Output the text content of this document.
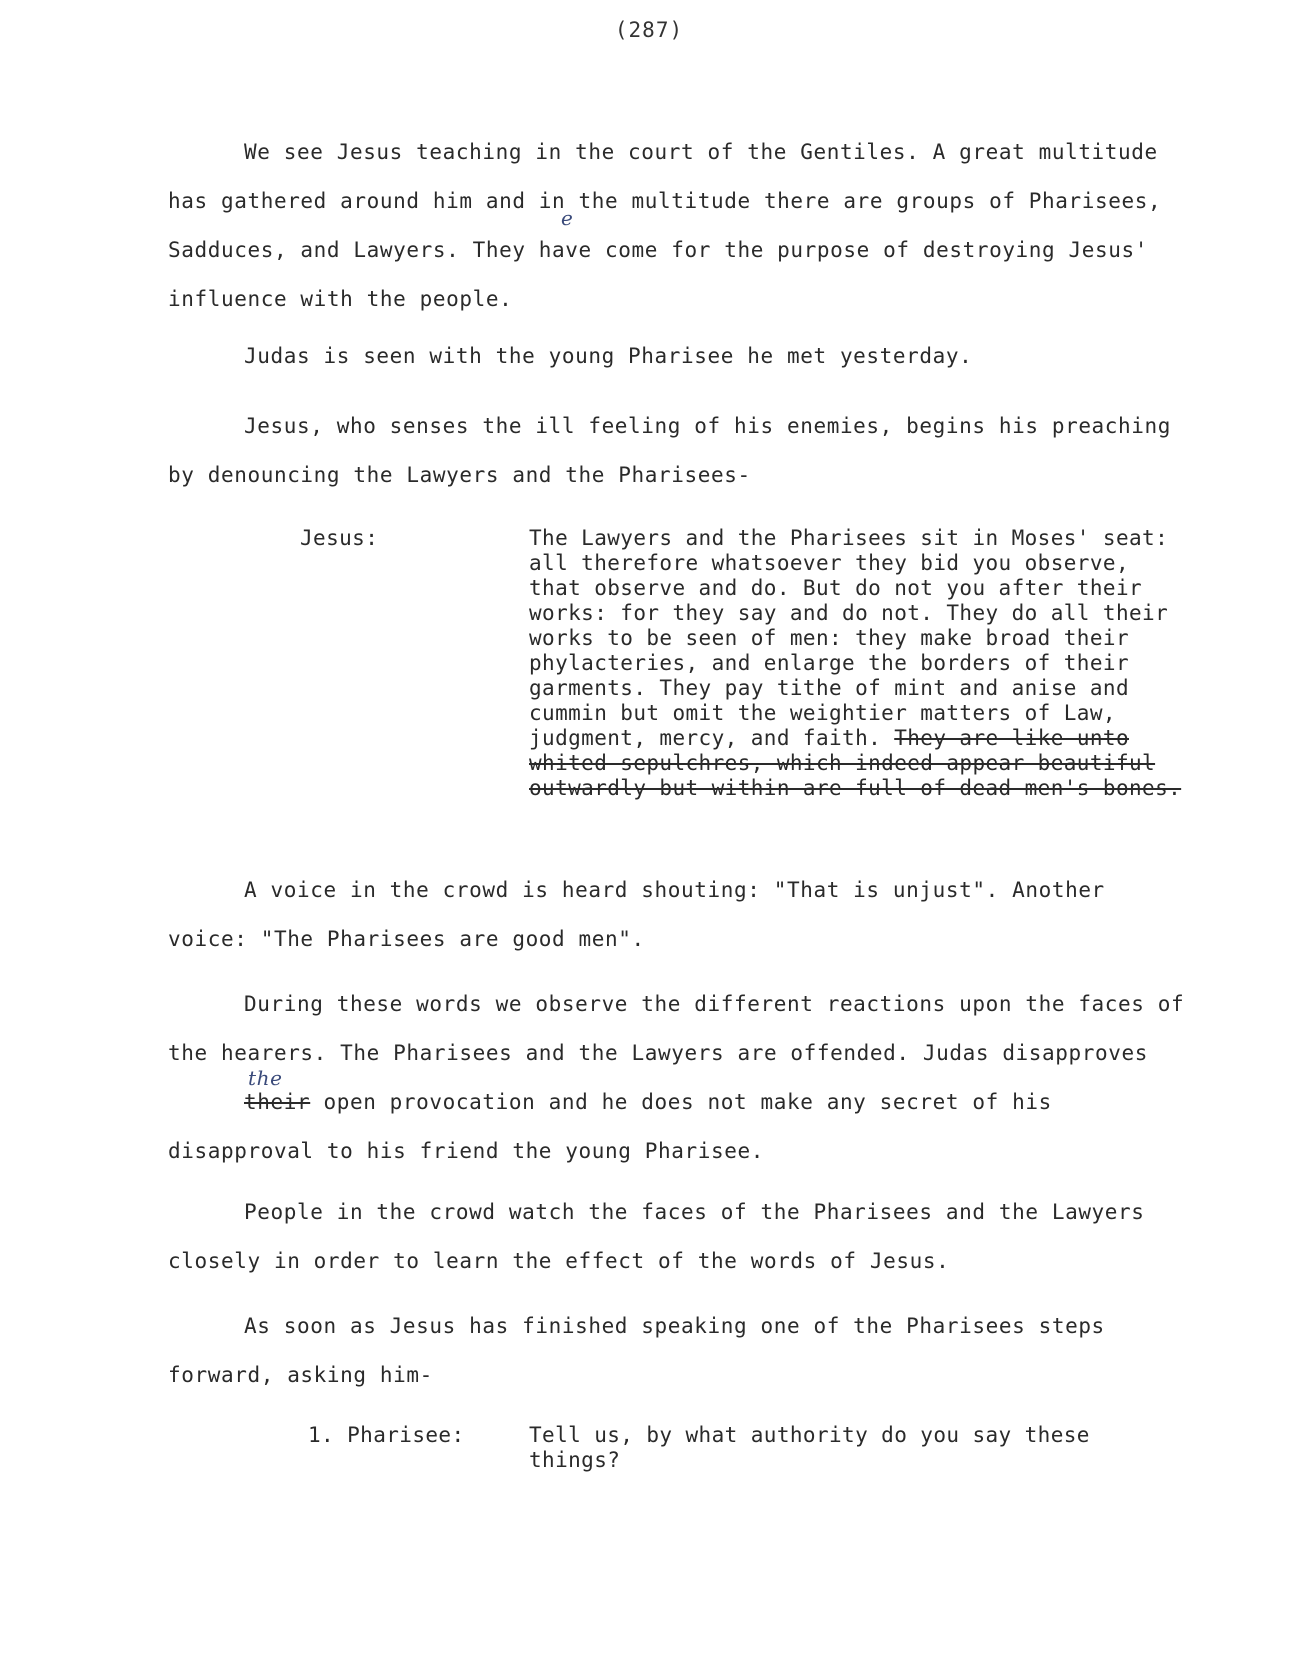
(287)

We see Jesus teaching in the court of the Gentiles. A great multitude has gathered around him and in the multitude there are groups of Pharisees, Sadduces, and Lawyers. They have come for the purpose of destroying Jesus' influence with the people.

e

Judas is seen with the young Pharisee he met yesterday.

Jesus, who senses the ill feeling of his enemies, begins his preaching by denouncing the Lawyers and the Pharisees-

Jesus:	The Lawyers and the Pharisees sit in Moses' seat: all therefore whatsoever they bid you observe, that observe and do. But do not you after their works: for they say and do not. They do all their works to be seen of men: they make broad their phylacteries, and enlarge the borders of their garments. They pay tithe of mint and anise and cummin but omit the weightier matters of Law, judgment, mercy, and faith. They are like unto whited sepulchres, which indeed appear beautiful outwardly but within are full of dead men's bones.

A voice in the crowd is heard shouting: "That is unjust". Another voice: "The Pharisees are good men".

During these words we observe the different reactions upon the faces of the hearers. The Pharisees and the Lawyers are offended. Judas disapproves
the
their open provocation and he does not make any secret of his disapproval to his friend the young Pharisee.

People in the crowd watch the faces of the Pharisees and the Lawyers closely in order to learn the effect of the words of Jesus.

As soon as Jesus has finished speaking one of the Pharisees steps forward, asking him-

1. Pharisee:	Tell us, by what authority do you say these things?
